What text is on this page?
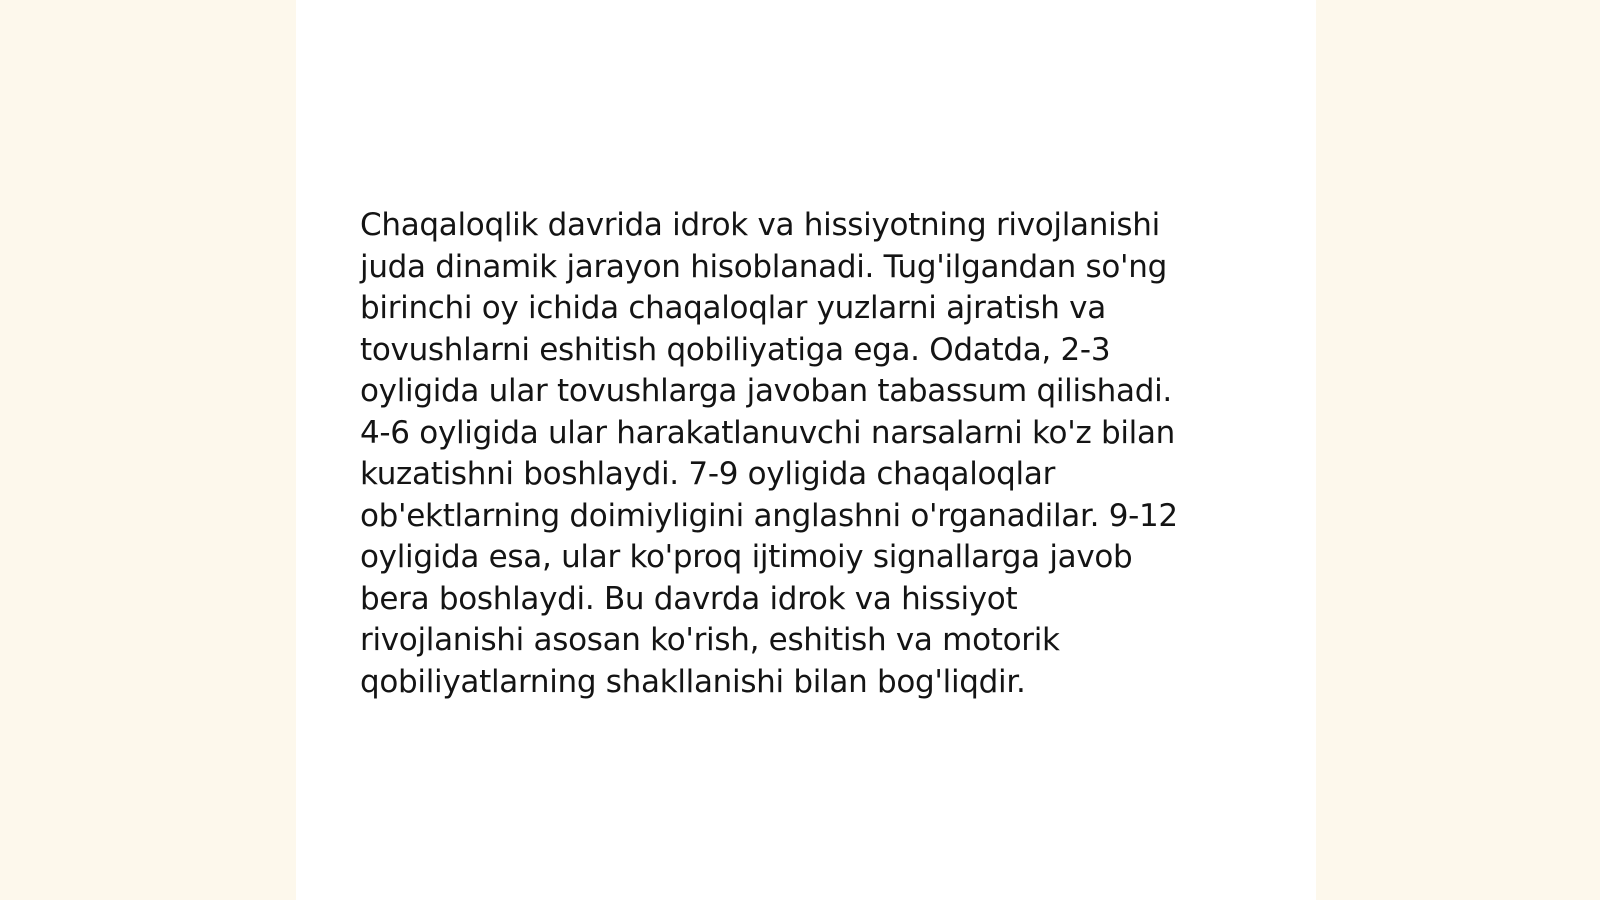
Chaqaloqlik davrida idrok va hissiyotning rivojlanishi
juda dinamik jarayon hisoblanadi. Tug'ilgandan so'ng
birinchi oy ichida chaqaloqlar yuzlarni ajratish va
tovushlarni eshitish qobiliyatiga ega. Odatda, 2-3
oyligida ular tovushlarga javoban tabassum qilishadi.
4-6 oyligida ular harakatlanuvchi narsalarni ko'z bilan
kuzatishni boshlaydi. 7-9 oyligida chaqaloqlar
ob'ektlarning doimiyligini anglashni o'rganadilar. 9-12
oyligida esa, ular ko'proq ijtimoiy signallarga javob
bera boshlaydi. Bu davrda idrok va hissiyot
rivojlanishi asosan ko'rish, eshitish va motorik
qobiliyatlarning shakllanishi bilan bog'liqdir.
